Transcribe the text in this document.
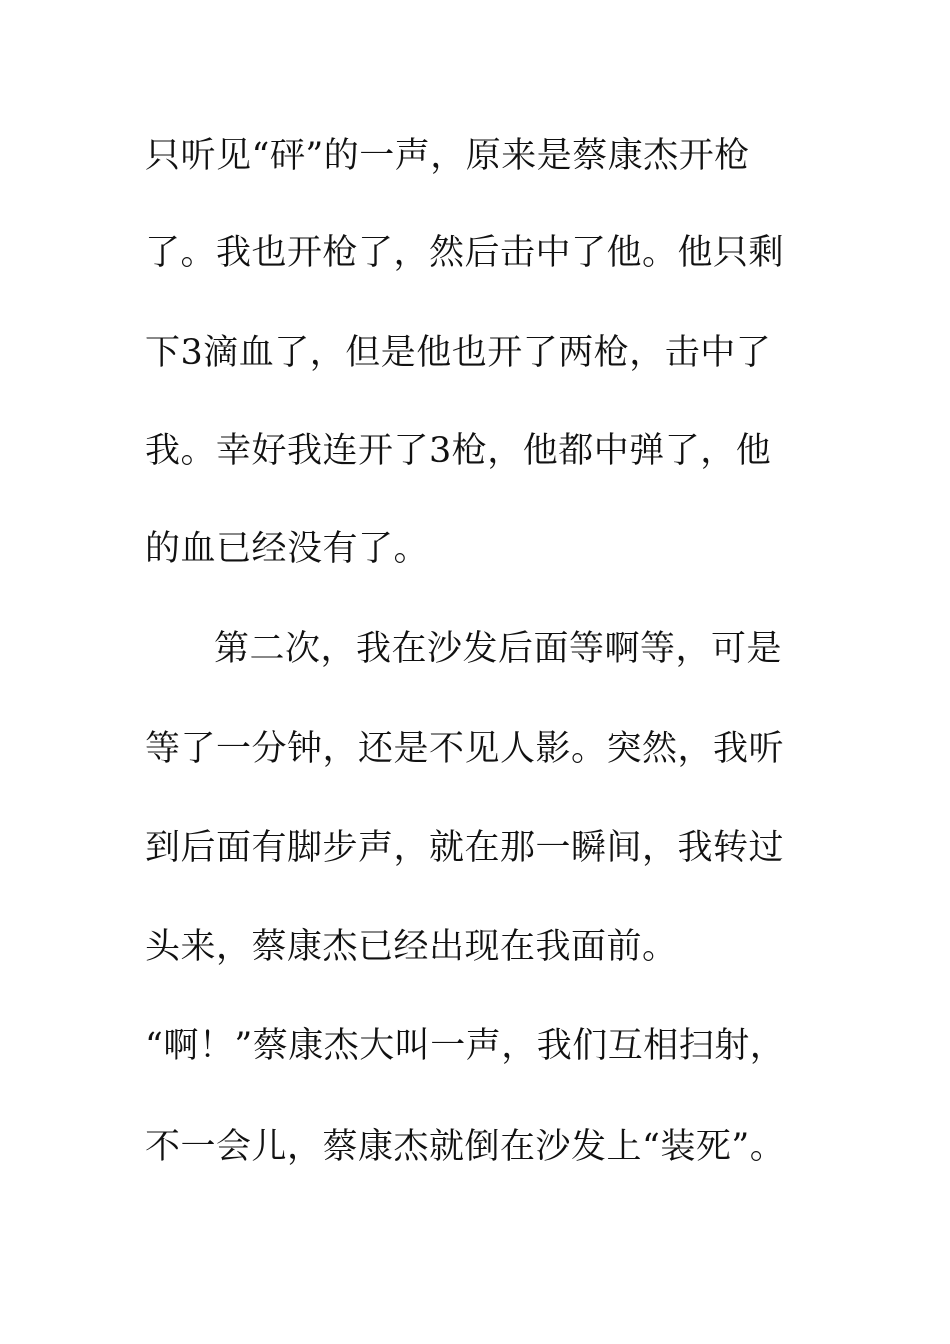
只听见“砰”的一声，原来是蔡康杰开枪
了。我也开枪了，然后击中了他。他只剩
下3滴血了，但是他也开了两枪，击中了
我。幸好我连开了3枪，他都中弹了，他
的血已经没有了。
第二次，我在沙发后面等啊等，可是
等了一分钟，还是不见人影。突然，我听
到后面有脚步声，就在那一瞬间，我转过
头来，蔡康杰已经出现在我面前。
“啊！”蔡康杰大叫一声，我们互相扫射，
不一会儿，蔡康杰就倒在沙发上“装死”。
